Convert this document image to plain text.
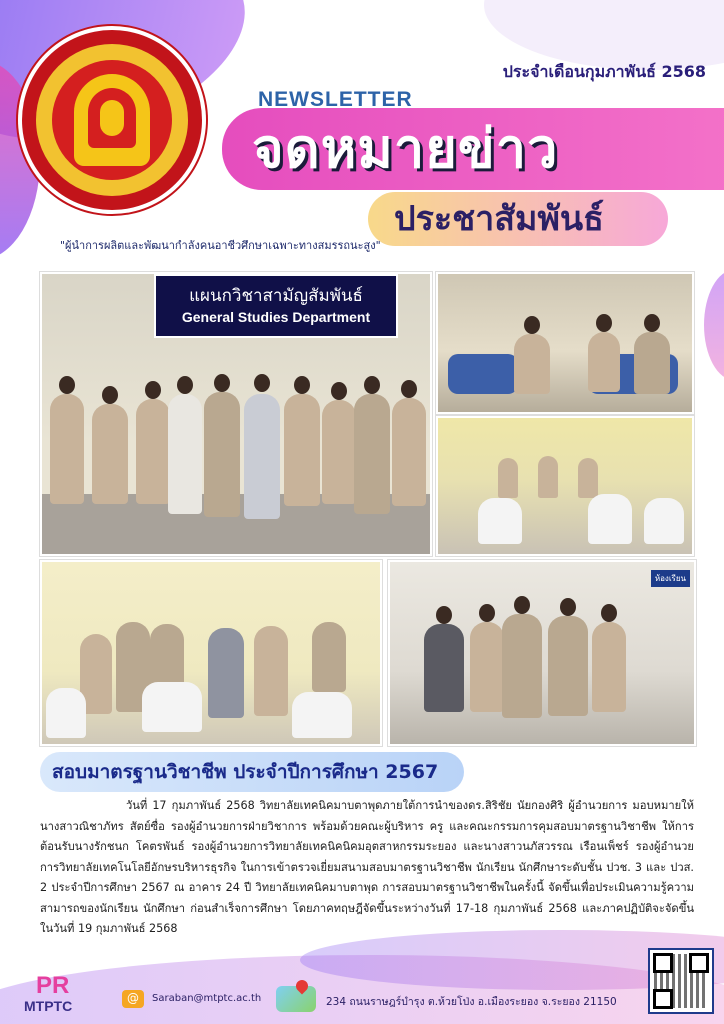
ประจำเดือนกุมภาพันธ์ 2568
NEWSLETTER
จดหมายข่าว
ประชาสัมพันธ์
"ผู้นำการผลิตและพัฒนากำลังคนอาชีวศึกษาเฉพาะทางสมรรถนะสูง"
แผนกวิชาสามัญสัมพันธ์
General Studies Department
ห้องเรียน
สอบมาตรฐานวิชาชีพ ประจำปีการศึกษา 2567
วันที่ 17 กุมภาพันธ์ 2568 วิทยาลัยเทคนิคมาบตาพุดภายใต้การนำของดร.สิริชัย นัยกองศิริ ผู้อำนวยการ มอบหมายให้นางสาวณิชาภัทร สัตย์ซื่อ รองผู้อำนวยการฝ่ายวิชาการ พร้อมด้วยคณะผู้บริหาร ครู และคณะกรรมการคุมสอบมาตรฐานวิชาชีพ ให้การต้อนรับนางรักชนก โคตรพันธ์ รองผู้อำนวยการวิทยาลัยเทคนิคนิคมอุตสาหกรรมระยอง และนางสาวนภัสวรรณ เรือนเพ็ชร์ รองผู้อำนวยการวิทยาลัยเทคโนโลยีอักษรบริหารธุรกิจ ในการเข้าตรวจเยี่ยมสนามสอบมาตรฐานวิชาชีพ นักเรียน นักศึกษาระดับชั้น ปวช. 3 และ ปวส. 2 ประจำปีการศึกษา 2567 ณ อาคาร 24 ปี วิทยาลัยเทคนิคมาบตาพุด การสอบมาตรฐานวิชาชีพในครั้งนี้ จัดขึ้นเพื่อประเมินความรู้ความสามารถของนักเรียน นักศึกษา ก่อนสำเร็จการศึกษา โดยภาคทฤษฎีจัดขึ้นระหว่างวันที่ 17-18 กุมภาพันธ์ 2568 และภาคปฏิบัติจะจัดขึ้นในวันที่ 19 กุมภาพันธ์ 2568
PR
MTPTC	@ Saraban@mtptc.ac.th	234 ถนนราษฎร์บำรุง ต.ห้วยโป่ง อ.เมืองระยอง จ.ระยอง 21150
